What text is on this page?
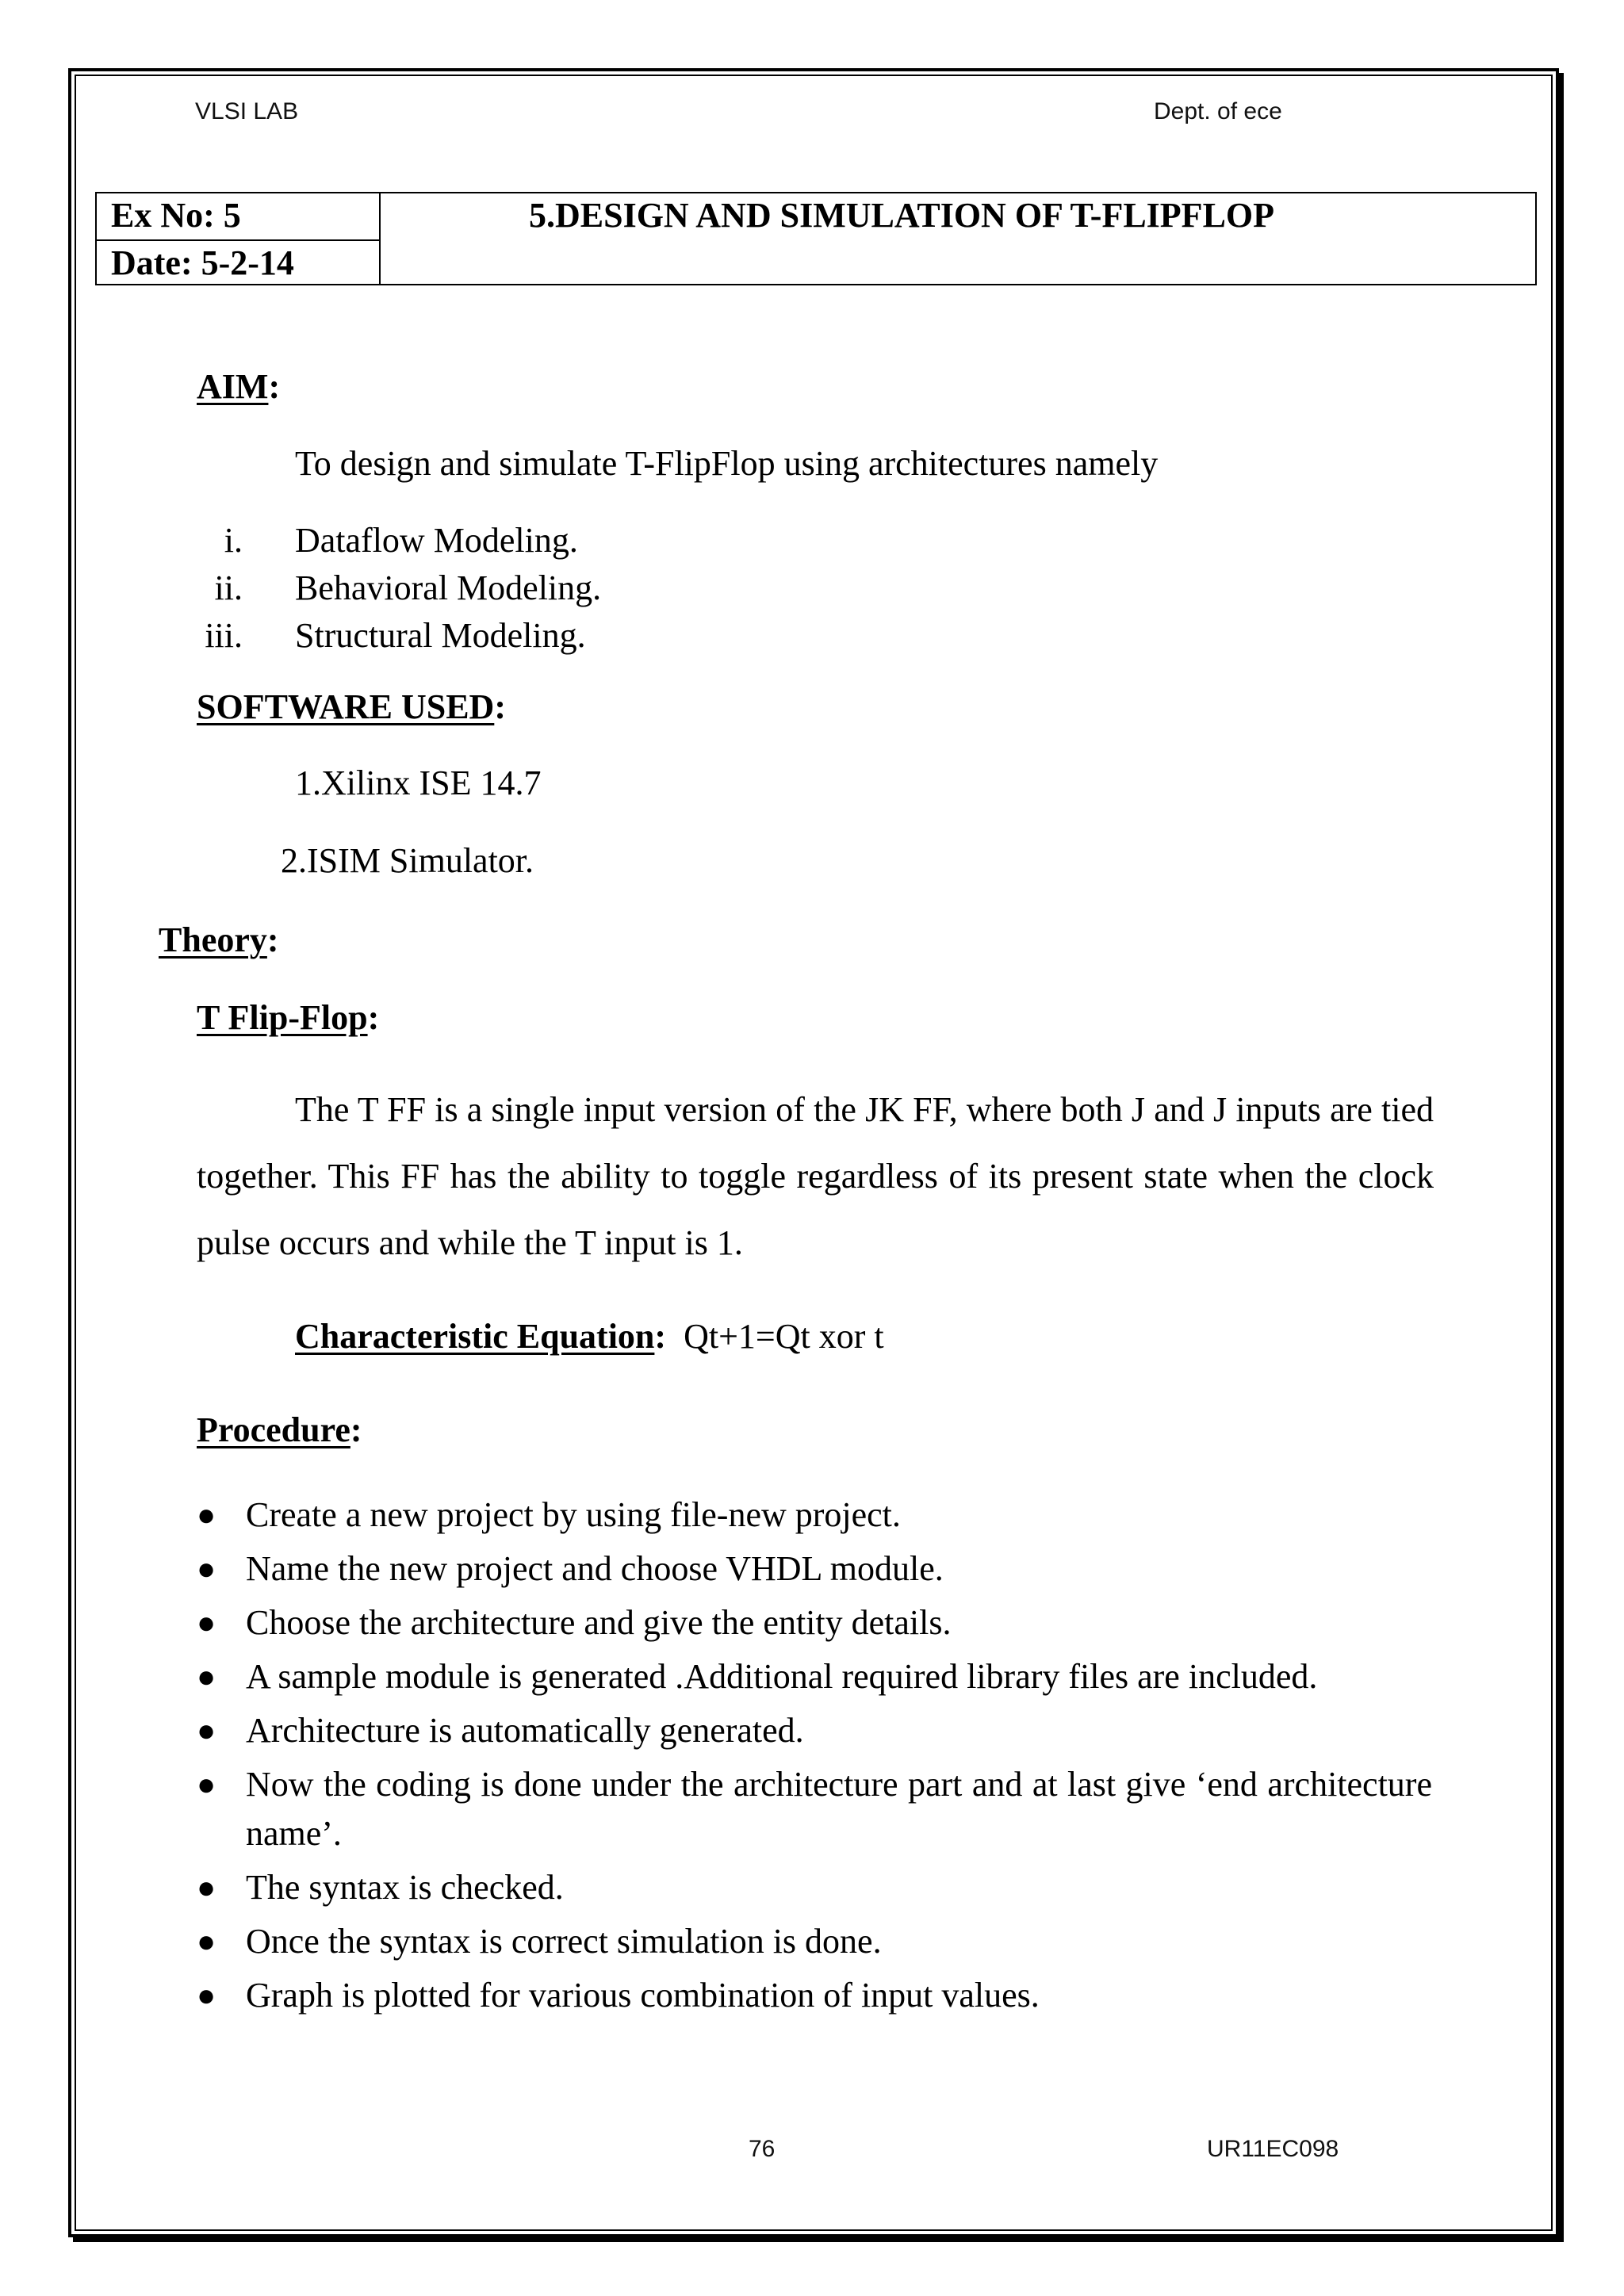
VLSI LAB	Dept. of ece
Ex No: 5
Date: 5-2-14
5.DESIGN AND SIMULATION OF T-FLIPFLOP
AIM:
To design and simulate T-FlipFlop using architectures namely
i. Dataflow Modeling.
ii. Behavioral Modeling.
iii. Structural Modeling.
SOFTWARE USED:
1.Xilinx ISE 14.7
2.ISIM Simulator.
Theory:
T Flip-Flop:
The T FF is a single input version of the JK FF, where both J and J inputs are tied together. This FF has the ability to toggle regardless of its present state when the clock pulse occurs and while the T input is 1.
Characteristic Equation: Qt+1=Qt xor t
Procedure:
● Create a new project by using file-new project.
● Name the new project and choose VHDL module.
● Choose the architecture and give the entity details.
● A sample module is generated .Additional required library files are included.
● Architecture is automatically generated.
● Now the coding is done under the architecture part and at last give ‘end architecture name’.
● The syntax is checked.
● Once the syntax is correct simulation is done.
● Graph is plotted for various combination of input values.
76	UR11EC098
